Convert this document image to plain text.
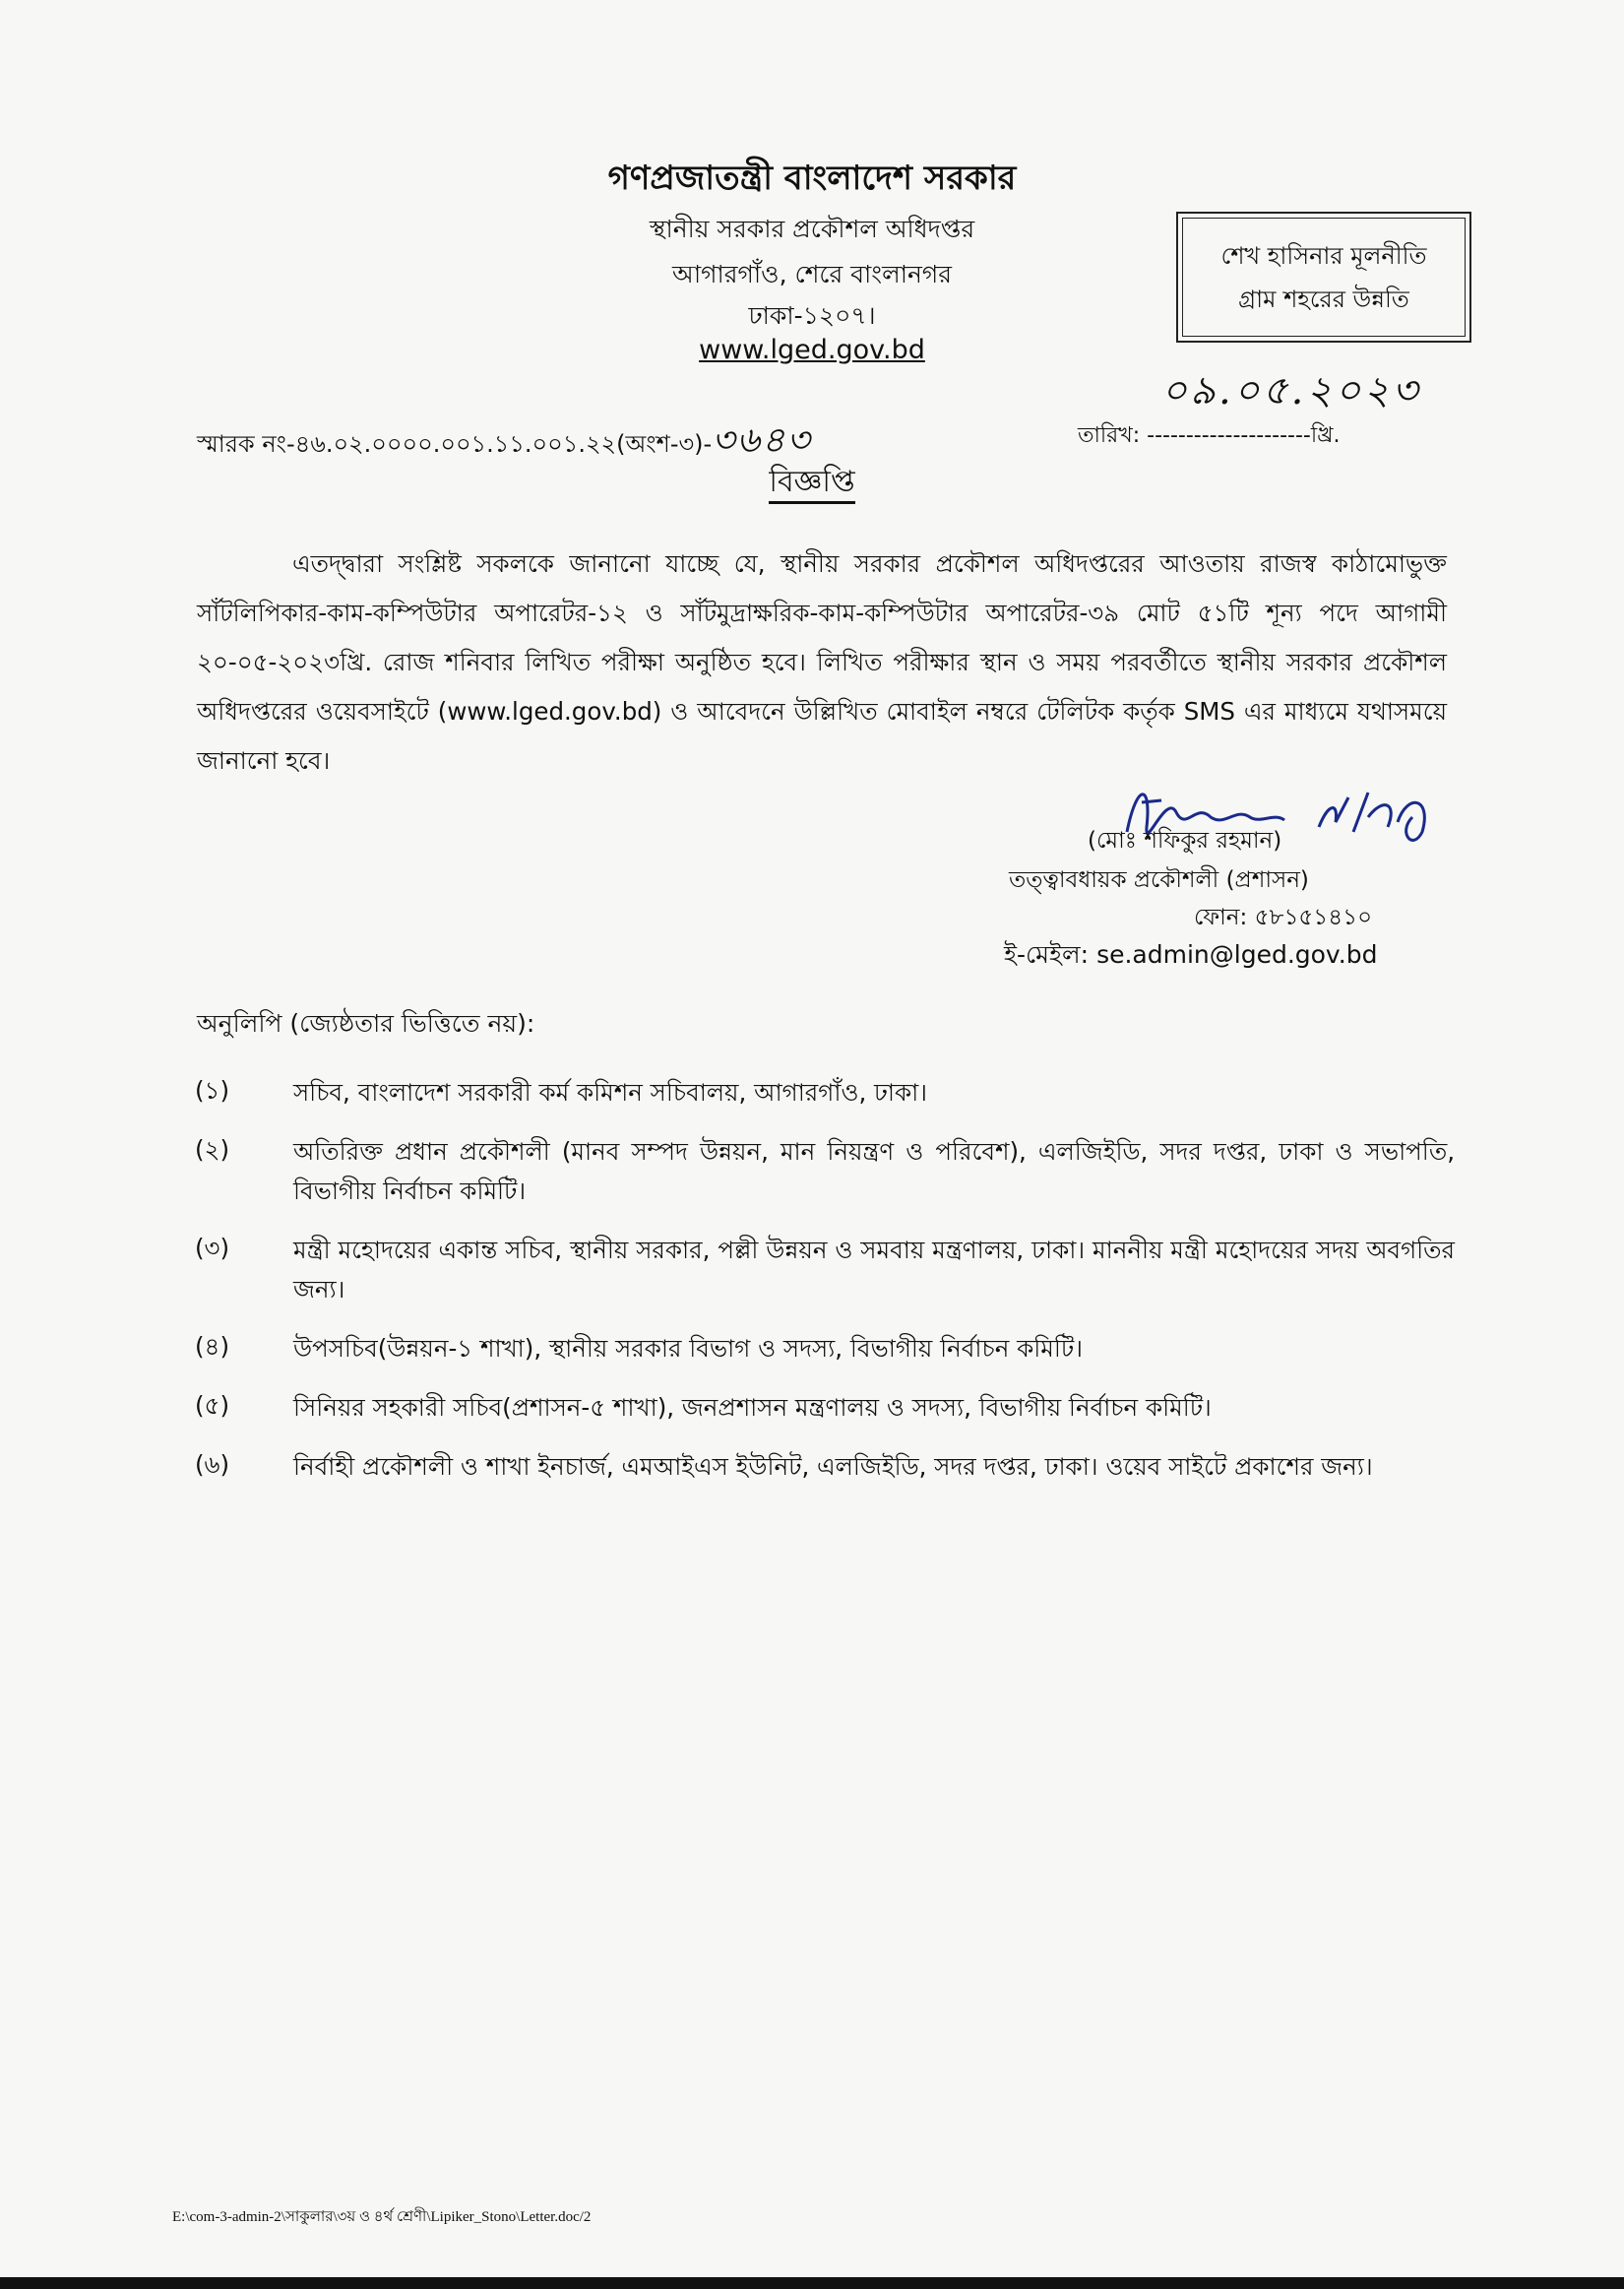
গণপ্রজাতন্ত্রী বাংলাদেশ সরকার
স্থানীয় সরকার প্রকৌশল অধিদপ্তর
আগারগাঁও, শেরে বাংলানগর
ঢাকা-১২০৭।
www.lged.gov.bd
শেখ হাসিনার মূলনীতি
গ্রাম শহরের উন্নতি
স্মারক নং-৪৬.০২.০০০০.০০১.১১.০০১.২২(অংশ-৩)-৩৬৪৩
০৯.০৫.২০২৩
তারিখ: ---------------------খ্রি.
বিজ্ঞপ্তি
এতদ্দ্বারা সংশ্লিষ্ট সকলকে জানানো যাচ্ছে যে, স্থানীয় সরকার প্রকৌশল অধিদপ্তরের আওতায় রাজস্ব কাঠামোভুক্ত সাঁটলিপিকার-কাম-কম্পিউটার অপারেটর-১২ ও সাঁটমুদ্রাক্ষরিক-কাম-কম্পিউটার অপারেটর-৩৯ মোট ৫১টি শূন্য পদে আগামী ২০-০৫-২০২৩খ্রি. রোজ শনিবার লিখিত পরীক্ষা অনুষ্ঠিত হবে। লিখিত পরীক্ষার স্থান ও সময় পরবর্তীতে স্থানীয় সরকার প্রকৌশল অধিদপ্তরের ওয়েবসাইটে (www.lged.gov.bd) ও আবেদনে উল্লিখিত মোবাইল নম্বরে টেলিটক কর্তৃক SMS এর মাধ্যমে যথাসময়ে জানানো হবে।
(মোঃ শফিকুর রহমান)
তত্ত্বাবধায়ক প্রকৌশলী (প্রশাসন)
ফোন: ৫৮১৫১৪১০
ই-মেইল: se.admin@lged.gov.bd
অনুলিপি (জ্যেষ্ঠতার ভিত্তিতে নয়):
(১)	সচিব, বাংলাদেশ সরকারী কর্ম কমিশন সচিবালয়, আগারগাঁও, ঢাকা।
(২)	অতিরিক্ত প্রধান প্রকৌশলী (মানব সম্পদ উন্নয়ন, মান নিয়ন্ত্রণ ও পরিবেশ), এলজিইডি, সদর দপ্তর, ঢাকা ও সভাপতি, বিভাগীয় নির্বাচন কমিটি।
(৩)	মন্ত্রী মহোদয়ের একান্ত সচিব, স্থানীয় সরকার, পল্লী উন্নয়ন ও সমবায় মন্ত্রণালয়, ঢাকা। মাননীয় মন্ত্রী মহোদয়ের সদয় অবগতির জন্য।
(৪)	উপসচিব(উন্নয়ন-১ শাখা), স্থানীয় সরকার বিভাগ ও সদস্য, বিভাগীয় নির্বাচন কমিটি।
(৫)	সিনিয়র সহকারী সচিব(প্রশাসন-৫ শাখা), জনপ্রশাসন মন্ত্রণালয় ও সদস্য, বিভাগীয় নির্বাচন কমিটি।
(৬)	নির্বাহী প্রকৌশলী ও শাখা ইনচার্জ, এমআইএস ইউনিট, এলজিইডি, সদর দপ্তর, ঢাকা। ওয়েব সাইটে প্রকাশের জন্য।
E:\com-3-admin-2\সাকুলার\৩য় ও ৪র্থ শ্রেণী\Lipiker_Stono\Letter.doc/2
